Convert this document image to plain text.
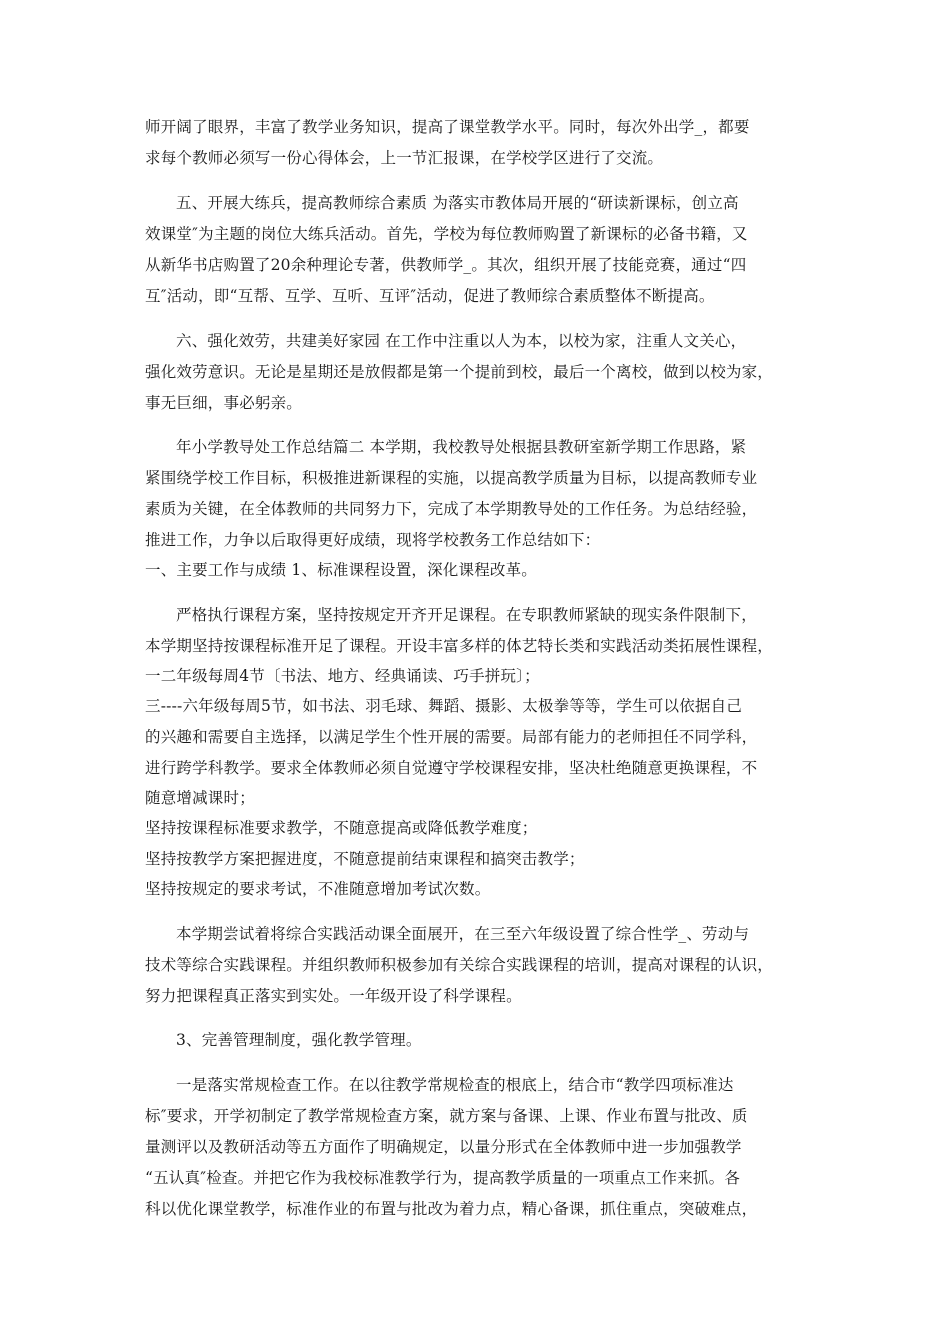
师开阔了眼界，丰富了教学业务知识，提高了课堂教学水平。同时，每次外出学_，都要

求每个教师必须写一份心得体会，上一节汇报课，在学校学区进行了交流。

五、开展大练兵，提高教师综合素质 为落实市教体局开展的“研读新课标，创立高

效课堂″为主题的岗位大练兵活动。首先，学校为每位教师购置了新课标的必备书籍，又

从新华书店购置了20余种理论专著，供教师学_。其次，组织开展了技能竞赛，通过“四

互″活动，即“互帮、互学、互听、互评″活动，促进了教师综合素质整体不断提高。

六、强化效劳，共建美好家园 在工作中注重以人为本，以校为家，注重人文关心，

强化效劳意识。无论是星期还是放假都是第一个提前到校，最后一个离校，做到以校为家，

事无巨细，事必躬亲。

年小学教导处工作总结篇二 本学期，我校教导处根据县教研室新学期工作思路，紧

紧围绕学校工作目标，积极推进新课程的实施，以提高教学质量为目标，以提高教师专业

素质为关键，在全体教师的共同努力下，完成了本学期教导处的工作任务。为总结经验，

推进工作，力争以后取得更好成绩，现将学校教务工作总结如下：

一、主要工作与成绩 1、标准课程设置，深化课程改革。

严格执行课程方案，坚持按规定开齐开足课程。在专职教师紧缺的现实条件限制下，

本学期坚持按课程标准开足了课程。开设丰富多样的体艺特长类和实践活动类拓展性课程，

一二年级每周4节〔书法、地方、经典诵读、巧手拼玩〕；

三----六年级每周5节，如书法、羽毛球、舞蹈、摄影、太极拳等等，学生可以依据自己

的兴趣和需要自主选择，以满足学生个性开展的需要。局部有能力的老师担任不同学科，

进行跨学科教学。要求全体教师必须自觉遵守学校课程安排，坚决杜绝随意更换课程，不

随意增减课时；

坚持按课程标准要求教学，不随意提高或降低教学难度；

坚持按教学方案把握进度，不随意提前结束课程和搞突击教学；

坚持按规定的要求考试，不准随意增加考试次数。

本学期尝试着将综合实践活动课全面展开，在三至六年级设置了综合性学_、劳动与

技术等综合实践课程。并组织教师积极参加有关综合实践课程的培训，提高对课程的认识，

努力把课程真正落实到实处。一年级开设了科学课程。

3、完善管理制度，强化教学管理。

一是落实常规检查工作。在以往教学常规检查的根底上，结合市“教学四项标准达

标″要求，开学初制定了教学常规检查方案，就方案与备课、上课、作业布置与批改、质

量测评以及教研活动等五方面作了明确规定，以量分形式在全体教师中进一步加强教学

“五认真″检查。并把它作为我校标准教学行为，提高教学质量的一项重点工作来抓。各

科以优化课堂教学，标准作业的布置与批改为着力点，精心备课，抓住重点，突破难点，
